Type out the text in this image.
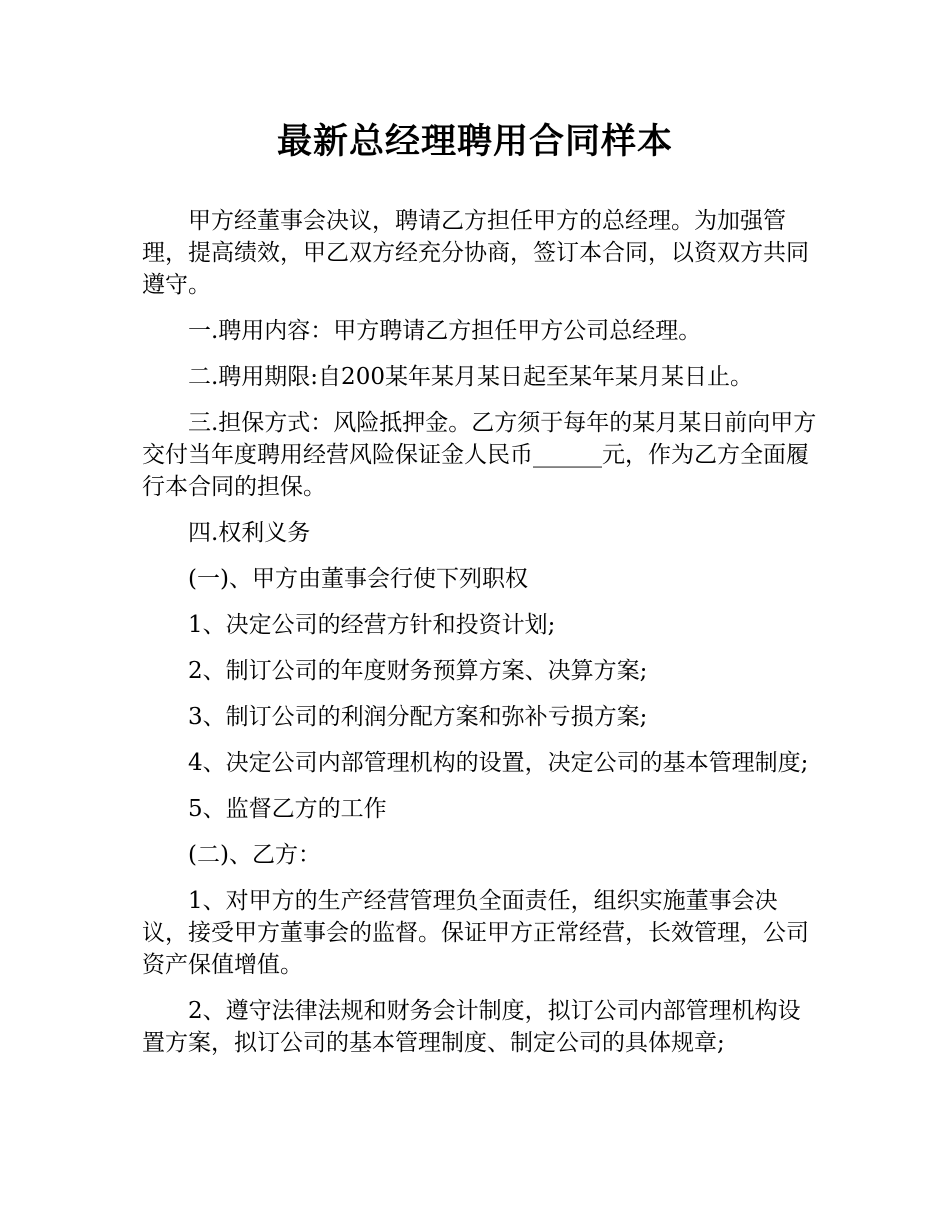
最新总经理聘用合同样本

甲方经董事会决议，聘请乙方担任甲方的总经理。为加强管理，提高绩效，甲乙双方经充分协商，签订本合同，以资双方共同遵守。

一.聘用内容：甲方聘请乙方担任甲方公司总经理。

二.聘用期限:自200某年某月某日起至某年某月某日止。

三.担保方式：风险抵押金。乙方须于每年的某月某日前向甲方交付当年度聘用经营风险保证金人民币______元，作为乙方全面履行本合同的担保。

四.权利义务

(一)、甲方由董事会行使下列职权

1、决定公司的经营方针和投资计划;

2、制订公司的年度财务预算方案、决算方案;

3、制订公司的利润分配方案和弥补亏损方案;

4、决定公司内部管理机构的设置，决定公司的基本管理制度;

5、监督乙方的工作

(二)、乙方：

1、对甲方的生产经营管理负全面责任，组织实施董事会决议，接受甲方董事会的监督。保证甲方正常经营，长效管理，公司资产保值增值。

2、遵守法律法规和财务会计制度，拟订公司内部管理机构设置方案，拟订公司的基本管理制度、制定公司的具体规章;
